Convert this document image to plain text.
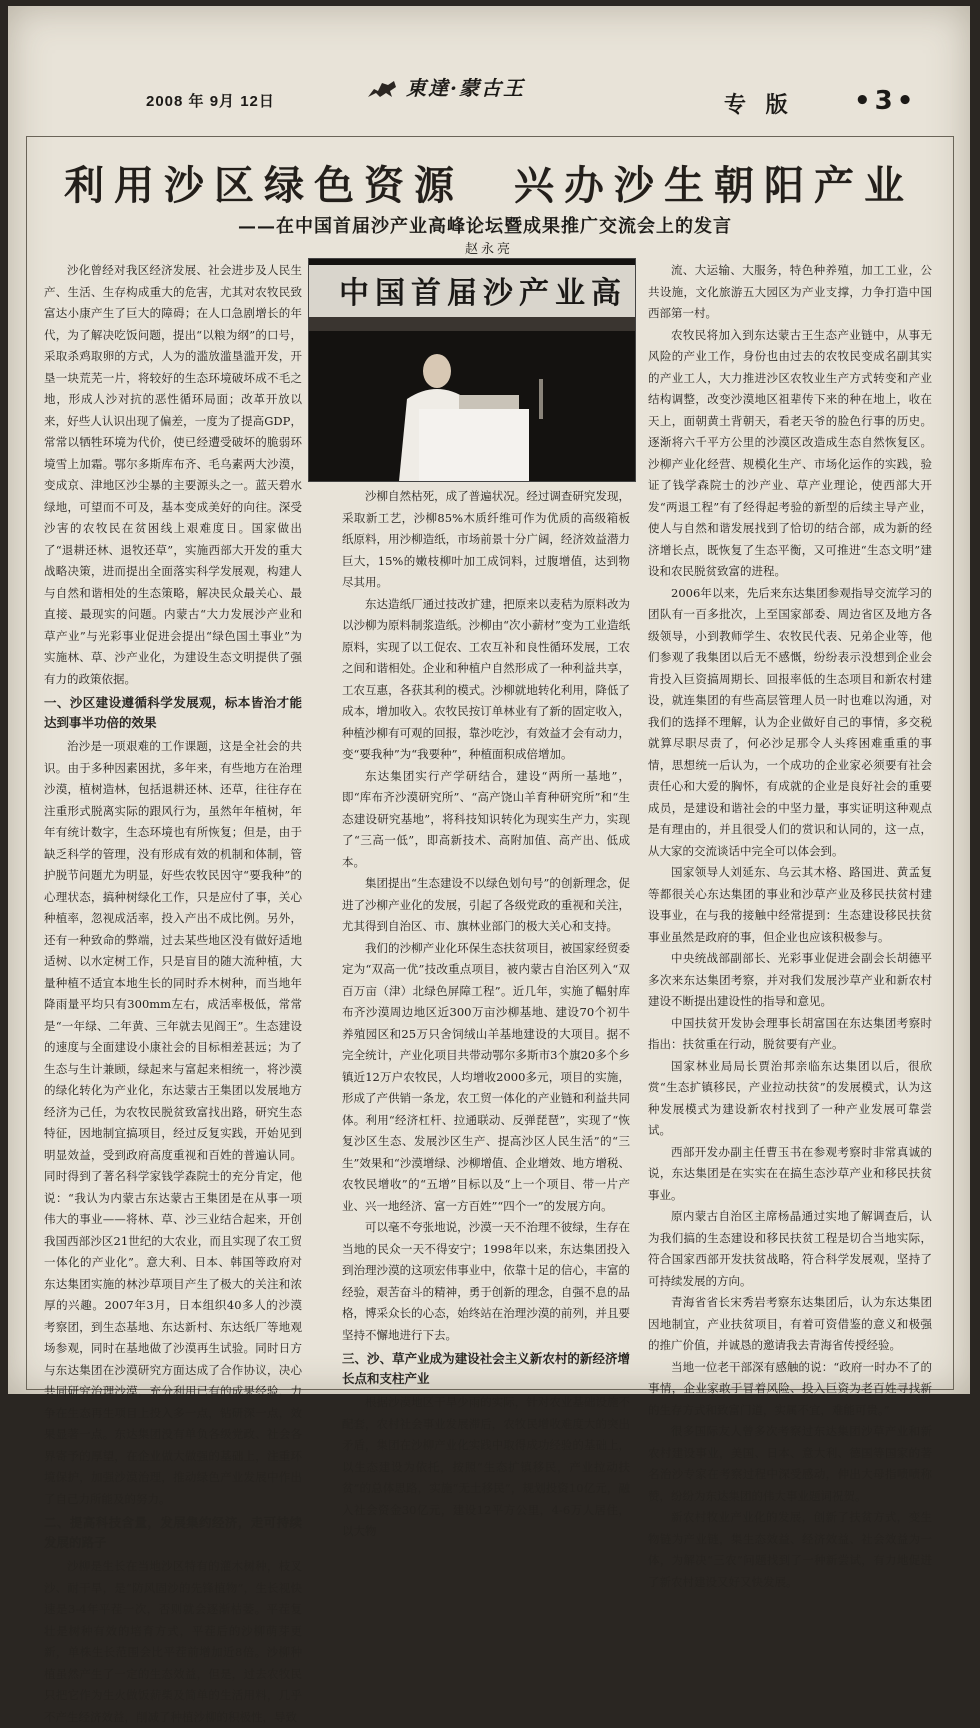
2008 年 9月 12日
東達·蒙古王
专 版 •3•
利用沙区绿色资源　兴办沙生朝阳产业
——在中国首届沙产业高峰论坛暨成果推广交流会上的发言
赵永亮
中国首届沙产业高

沙化曾经对我区经济发展、社会进步及人民生产、生活、生存构成重大的危害，尤其对农牧民致富达小康产生了巨大的障碍；在人口急剧增长的年代，为了解决吃饭问题，提出“以粮为纲”的口号，采取杀鸡取卵的方式，人为的滥放滥垦滥开发，开垦一块荒芜一片，将较好的生态环境破坏成不毛之地，形成人沙对抗的恶性循环局面；改革开放以来，好些人认识出现了偏差，一度为了提高GDP，常常以牺牲环境为代价，使已经遭受破坏的脆弱环境雪上加霜。鄂尔多斯库布齐、毛乌素两大沙漠，变成京、津地区沙尘暴的主要源头之一。蓝天碧水绿地，可望而不可及，基本变成美好的向往。深受沙害的农牧民在贫困线上艰难度日。国家做出了“退耕还林、退牧还草”，实施西部大开发的重大战略决策，进而提出全面落实科学发展观，构建人与自然和谐相处的生态策略，解决民众最关心、最直接、最现实的问题。内蒙古“大力发展沙产业和草产业”与光彩事业促进会提出“绿色国土事业”为实施林、草、沙产业化，为建设生态文明提供了强有力的政策依据。

一、沙区建设遵循科学发展观，标本皆治才能达到事半功倍的效果

治沙是一项艰难的工作课题，这是全社会的共识。由于多种因素困扰，多年来，有些地方在治理沙漠，植树造林，包括退耕还林、还草，往往存在注重形式脱离实际的跟风行为，虽然年年植树，年年有统计数字，生态环境也有所恢复；但是，由于缺乏科学的管理，没有形成有效的机制和体制，管护脱节问题尤为明显，好些农牧民因守“要我种”的心理状态，搞种树绿化工作，只是应付了事，关心种植率，忽视成活率，投入产出不成比例。另外，还有一种致命的弊端，过去某些地区没有做好适地适树、以水定树工作，只是盲目的随大流种植，大量种植不适宜本地生长的同时乔木树种，而当地年降雨量平均只有300mm左右，成活率极低，常常是“一年绿、二年黄、三年就去见阎王”。生态建设的速度与全面建设小康社会的目标相差甚远；为了生态与生计兼顾，绿起来与富起来相统一，将沙漠的绿化转化为产业化，东达蒙古王集团以发展地方经济为己任，为农牧民脱贫致富找出路，研究生态特征，因地制宜搞项目，经过反复实践，开始见到明显效益，受到政府高度重视和百姓的普遍认同。同时得到了著名科学家钱学森院士的充分肯定，他说：“我认为内蒙古东达蒙古王集团是在从事一项伟大的事业——将林、草、沙三业结合起来，开创我国西部沙区21世纪的大农业，而且实现了农工贸一体化的产业化”。意大利、日本、韩国等政府对东达集团实施的林沙草项目产生了极大的关注和浓厚的兴趣。2007年3月，日本组织40多人的沙漠考察团，到生态基地、东达新村、东达纸厂等地观场参观，同时在基地做了沙漠再生试验。同时日方与东达集团在沙漠研究方面达成了合作协议，决心共同研究治理沙漠，充分利用已有的成果经验，力争在生态再生项目上投入多一点，钻研深一点，效果显著一点。东达集团没有单负各级党政、社会各界寄予的厚望，在企业做大做强的基础上，注重环境保护，加强沙漠治理，推动绿色产业发展中作出了自己力所能及的努力。

二、提高科技含量，发展集约经济，走可持续发展的路子

沙柳是生长在当地沙区特有的灌木树种，枝叉沙、耐干旱，是“防风固沙的先锋植物”，生长视快速是3-4年平茬一次，否则就会逐渐枯萎。平茬复壮是树种有效的培育方式，平茬后的沙柳萌芽更新，单株生长范围会比平茬前增加近8倍。沙柳种植虽然产生了一定的生态效益，但是，过去农牧民只把它作为生火做饭薪柴及简单的生活用料，几乎不产生经济效益，削减了种植沙柳的积极性，导致

沙柳自然枯死，成了普遍状况。经过调查研究发现，采取新工艺，沙柳85%木质纤维可作为优质的高级箱板纸原料，用沙柳造纸，市场前景十分广阔，经济效益潜力巨大，15%的嫩枝柳叶加工成饲料，过腹增值，达到物尽其用。

东达造纸厂通过技改扩建，把原来以麦秸为原料改为以沙柳为原料制浆造纸。沙柳由“次小薪材”变为工业造纸原料，实现了以工促农、工农互补和良性循环发展，工农之间和谐相处。企业和种植户自然形成了一种利益共享，工农互惠，各获其利的模式。沙柳就地转化利用，降低了成本，增加收入。农牧民按订单林业有了新的固定收入，种植沙柳有可观的回报，靠沙吃沙，有效益才会有动力，变“要我种”为“我要种”，种植面积成倍增加。

东达集团实行产学研结合，建设“两所一基地”，即“库布齐沙漠研究所”、“高产饶山羊育种研究所”和“生态建设研究基地”，将科技知识转化为现实生产力，实现了“三高一低”，即高新技术、高附加值、高产出、低成本。

集团提出“生态建设不以绿色划句号”的创新理念，促进了沙柳产业化的发展，引起了各级党政的重视和关注，尤其得到自治区、市、旗林业部门的极大关心和支持。

我们的沙柳产业化环保生态扶贫项目，被国家经贸委定为“双高一优”技改重点项目，被内蒙古自治区列入“双百万亩（津）北绿色屏障工程”。近几年，实施了輻射库布齐沙漠周边地区近300万亩沙柳基地、建设70个初牛养殖园区和25万只舍饲绒山羊基地建设的大项目。据不完全统计，产业化项目共带动鄂尔多斯市3个旗20多个乡镇近12万户农牧民，人均增收2000多元，项目的实施，形成了产供销一条龙，农工贸一体化的产业链和利益共同体。利用“经济杠杆、拉通联动、反弹琵琶”，实现了“恢复沙区生态、发展沙区生产、提高沙区人民生活”的“三生”效果和“沙漠增绿、沙柳增值、企业增效、地方增税、农牧民增收”的“五增”目标以及“上一个项目、带一片产业、兴一地经济、富一方百姓”“四个一”的发展方向。

可以毫不夸张地说，沙漠一天不治理不彼绿，生存在当地的民众一天不得安宁；1998年以来，东达集团投入到治理沙漠的这项宏伟事业中，依靠十足的信心，丰富的经验，艰苦奋斗的精神，勇于创新的理念，自强不息的品格，博采众长的心态，始终站在治理沙漠的前列，并且要坚持不懈地进行下去。

三、沙、草产业成为建设社会主义新农村的新经济增长点和支柱产业

根据沙漠地区干旱少雨的实际，针对农业基础设施不配套，农村社会事业发展滞后，农牧民增收难度大的突出矛盾，集团在沙柳产业化实践中取得成功经验的基础上，以生态建设为依托，按照“生态扩镇移民，产业拉动扶贫”的总体思路，实施“无土移民”，规划投资10亿元，融入社会资金30亿元，建设12平方公里，4-6万人居住，以大物

流、大运输、大服务，特色种养殖，加工工业，公共设施，文化旅游五大园区为产业支撑，力争打造中国西部第一村。

农牧民将加入到东达蒙古王生态产业链中，从事无风险的产业工作，身份也由过去的农牧民变成名副其实的产业工人，大力推进沙区农牧业生产方式转变和产业结构调整，改变沙漠地区祖辈传下来的种在地上，收在天上，面朝黄土背朝天，看老天爷的脸色行事的历史。逐渐将六千平方公里的沙漠区改造成生态自然恢复区。沙柳产业化经营、规模化生产、市场化运作的实践，验证了钱学森院士的沙产业、草产业理论，使西部大开发“两退工程”有了经得起考验的新型的后续主导产业，使人与自然和谐发展找到了恰切的结合部，成为新的经济增长点，既恢复了生态平衡，又可推进“生态文明”建设和农民脱贫致富的进程。

2006年以来，先后来东达集团参观指导交流学习的团队有一百多批次，上至国家部委、周边省区及地方各级领导，小到教师学生、农牧民代表、兄弟企业等，他们参观了我集团以后无不感慨，纷纷表示没想到企业会肯投入巨资搞周期长、回报率低的生态项目和新农村建设，就连集团的有些高层管理人员一时也难以沟通，对我们的选择不理解，认为企业做好自己的事情，多交税就算尽职尽责了，何必沙足那令人头疼困难重重的事情，思想统一后认为，一个成功的企业家必须要有社会责任心和大爱的胸怀，有成就的企业是良好社会的重要成员，是建设和谐社会的中坚力量，事实证明这种观点是有理由的，并且很受人们的赏识和认同的，这一点，从大家的交流谈话中完全可以体会到。

国家领导人刘延东、乌云其木格、路国进、黄孟复等都很关心东达集团的事业和沙草产业及移民扶贫村建设事业，在与我的接触中经常提到：生态建设移民扶贫事业虽然是政府的事，但企业也应该积极参与。

中央统战部副部长、光彩事业促进会副会长胡德平多次来东达集团考察，并对我们发展沙草产业和新农村建设不断提出建设性的指导和意见。

中国扶贫开发协会理事长胡富国在东达集团考察时指出：扶贫重在行动，脱贫要有产业。

国家林业局局长贾治邦亲临东达集团以后，很欣赏“生态扩镇移民，产业拉动扶贫”的发展模式，认为这种发展模式为建设新农村找到了一种产业发展可靠尝试。

西部开发办副主任曹玉书在参观考察时非常真诚的说，东达集团是在实实在在搞生态沙草产业和移民扶贫事业。

原内蒙古自治区主席杨晶通过实地了解调查后，认为我们搞的生态建设和移民扶贫工程是切合当地实际，符合国家西部开发扶贫战略，符合科学发展观，坚持了可持续发展的方向。

青海省省长宋秀岩考察东达集团后，认为东达集团因地制宜，产业扶贫项目，有着可资借鉴的意义和极强的推广价值，并诚恳的邀请我去青海省传授经验。

当地一位老干部深有感触的说：“政府一时办不了的事情，企业家敢于冒着风险、投入巨资为老百姓寻找新的生存方式和致富门道，实属不宜，难能可贵。”

很多国际友人曾多次考察过东达集团沙草产业和新农村建设事业，美国、日本、意大利、德国等国家的著名治沙专家在考察过程中深受感动，伸出大母指啧啧称赞，纷纷为东达集团的伟大事业题词祝贺。

新农村牧业产业化的发展，创新了扶贫方式，变生物链为产业链，集生态效益、经济效益、社会效益为一体，为解决“三农”问题找到了一种新尝试，有力地促进了新农村建设又好又快发展。
